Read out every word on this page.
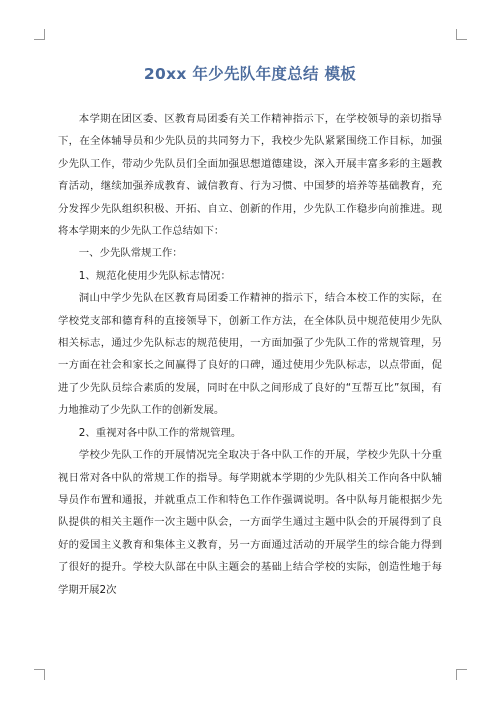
20xx 年少先队年度总结 模板

本学期在团区委、区教育局团委有关工作精神指示下，在学校领导的亲切指导下，在全体辅导员和少先队员的共同努力下，我校少先队紧紧围绕工作目标，加强少先队工作，带动少先队员们全面加强思想道德建设，深入开展丰富多彩的主题教育活动，继续加强养成教育、诚信教育、行为习惯、中国梦的培养等基础教育，充分发挥少先队组织积极、开拓、自立、创新的作用，少先队工作稳步向前推进。现将本学期来的少先队工作总结如下：

一、少先队常规工作：

1、规范化使用少先队标志情况：

洞山中学少先队在区教育局团委工作精神的指示下，结合本校工作的实际，在学校党支部和德育科的直接领导下，创新工作方法，在全体队员中规范使用少先队相关标志，通过少先队标志的规范使用，一方面加强了少先队工作的常规管理，另一方面在社会和家长之间赢得了良好的口碑，通过使用少先队标志，以点带面，促进了少先队员综合素质的发展，同时在中队之间形成了良好的“互帮互比”氛围，有力地推动了少先队工作的创新发展。

2、重视对各中队工作的常规管理。

学校少先队工作的开展情况完全取决于各中队工作的开展，学校少先队十分重视日常对各中队的常规工作的指导。每学期就本学期的少先队相关工作向各中队辅导员作布置和通报，并就重点工作和特色工作作强调说明。各中队每月能根据少先队提供的相关主题作一次主题中队会，一方面学生通过主题中队会的开展得到了良好的爱国主义教育和集体主义教育，另一方面通过活动的开展学生的综合能力得到了很好的提升。学校大队部在中队主题会的基础上结合学校的实际，创造性地于每学期开展2次
